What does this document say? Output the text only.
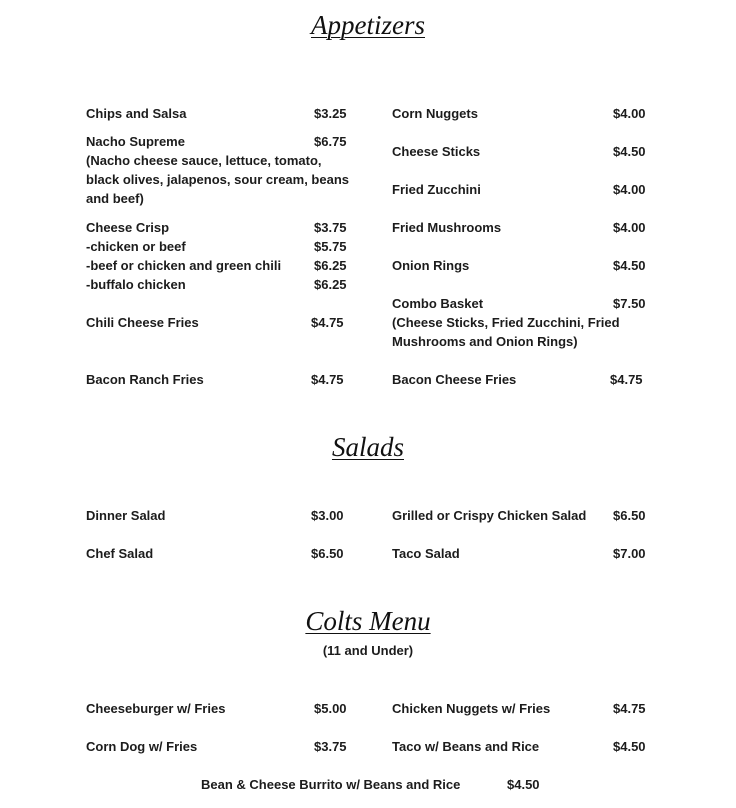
Appetizers
Chips and Salsa	$3.25
Nacho Supreme	$6.75
(Nacho cheese sauce, lettuce, tomato,
black olives, jalapenos, sour cream, beans
and beef)
Cheese Crisp	$3.75
-chicken or beef	$5.75
-beef or chicken and green chili	$6.25
-buffalo chicken	$6.25
Chili Cheese Fries	$4.75
Bacon Ranch Fries	$4.75
Corn Nuggets	$4.00
Cheese Sticks	$4.50
Fried Zucchini	$4.00
Fried Mushrooms	$4.00
Onion Rings	$4.50
Combo Basket	$7.50
(Cheese Sticks, Fried Zucchini, Fried
Mushrooms and Onion Rings)
Bacon Cheese Fries	$4.75
Salads
Dinner Salad	$3.00
Chef Salad	$6.50
Grilled or Crispy Chicken Salad $6.50
Taco Salad	$7.00
Colts Menu
(11 and Under)
Cheeseburger w/ Fries	$5.00
Corn Dog w/ Fries	$3.75
Chicken Nuggets w/ Fries	$4.75
Taco w/ Beans and Rice	$4.50
Bean & Cheese Burrito w/ Beans and Rice	$4.50
